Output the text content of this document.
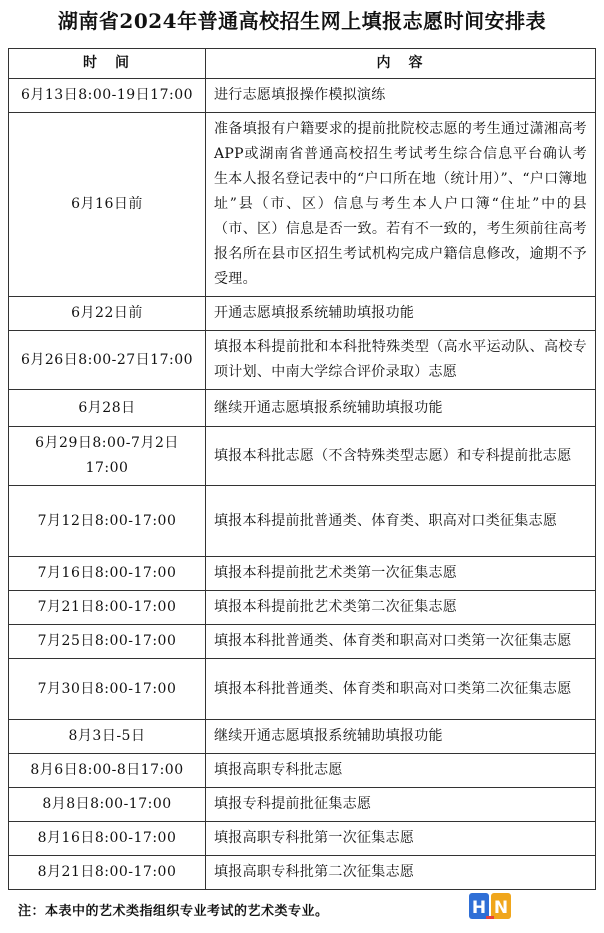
湖南省2024年普通高校招生网上填报志愿时间安排表
时　间	内　容
6月13日8:00-19日17:00	进行志愿填报操作模拟演练
6月16日前	准备填报有户籍要求的提前批院校志愿的考生通过潇湘高考APP或湖南省普通高校招生考试考生综合信息平台确认考生本人报名登记表中的“户口所在地（统计用）”、“户口簿地址”县（市、区）信息与考生本人户口簿“住址”中的县（市、区）信息是否一致。若有不一致的，考生须前往高考报名所在县市区招生考试机构完成户籍信息修改，逾期不予受理。
6月22日前	开通志愿填报系统辅助填报功能
6月26日8:00-27日17:00	填报本科提前批和本科批特殊类型（高水平运动队、高校专项计划、中南大学综合评价录取）志愿
6月28日	继续开通志愿填报系统辅助填报功能
6月29日8:00-7月2日17:00	填报本科批志愿（不含特殊类型志愿）和专科提前批志愿
7月12日8:00-17:00	填报本科提前批普通类、体育类、职高对口类征集志愿
7月16日8:00-17:00	填报本科提前批艺术类第一次征集志愿
7月21日8:00-17:00	填报本科提前批艺术类第二次征集志愿
7月25日8:00-17:00	填报本科批普通类、体育类和职高对口类第一次征集志愿
7月30日8:00-17:00	填报本科批普通类、体育类和职高对口类第二次征集志愿
8月3日-5日	继续开通志愿填报系统辅助填报功能
8月6日8:00-8日17:00	填报高职专科批志愿
8月8日8:00-17:00	填报专科提前批征集志愿
8月16日8:00-17:00	填报高职专科批第一次征集志愿
8月21日8:00-17:00	填报高职专科批第二次征集志愿
注：本表中的艺术类指组织专业考试的艺术类专业。	H N
